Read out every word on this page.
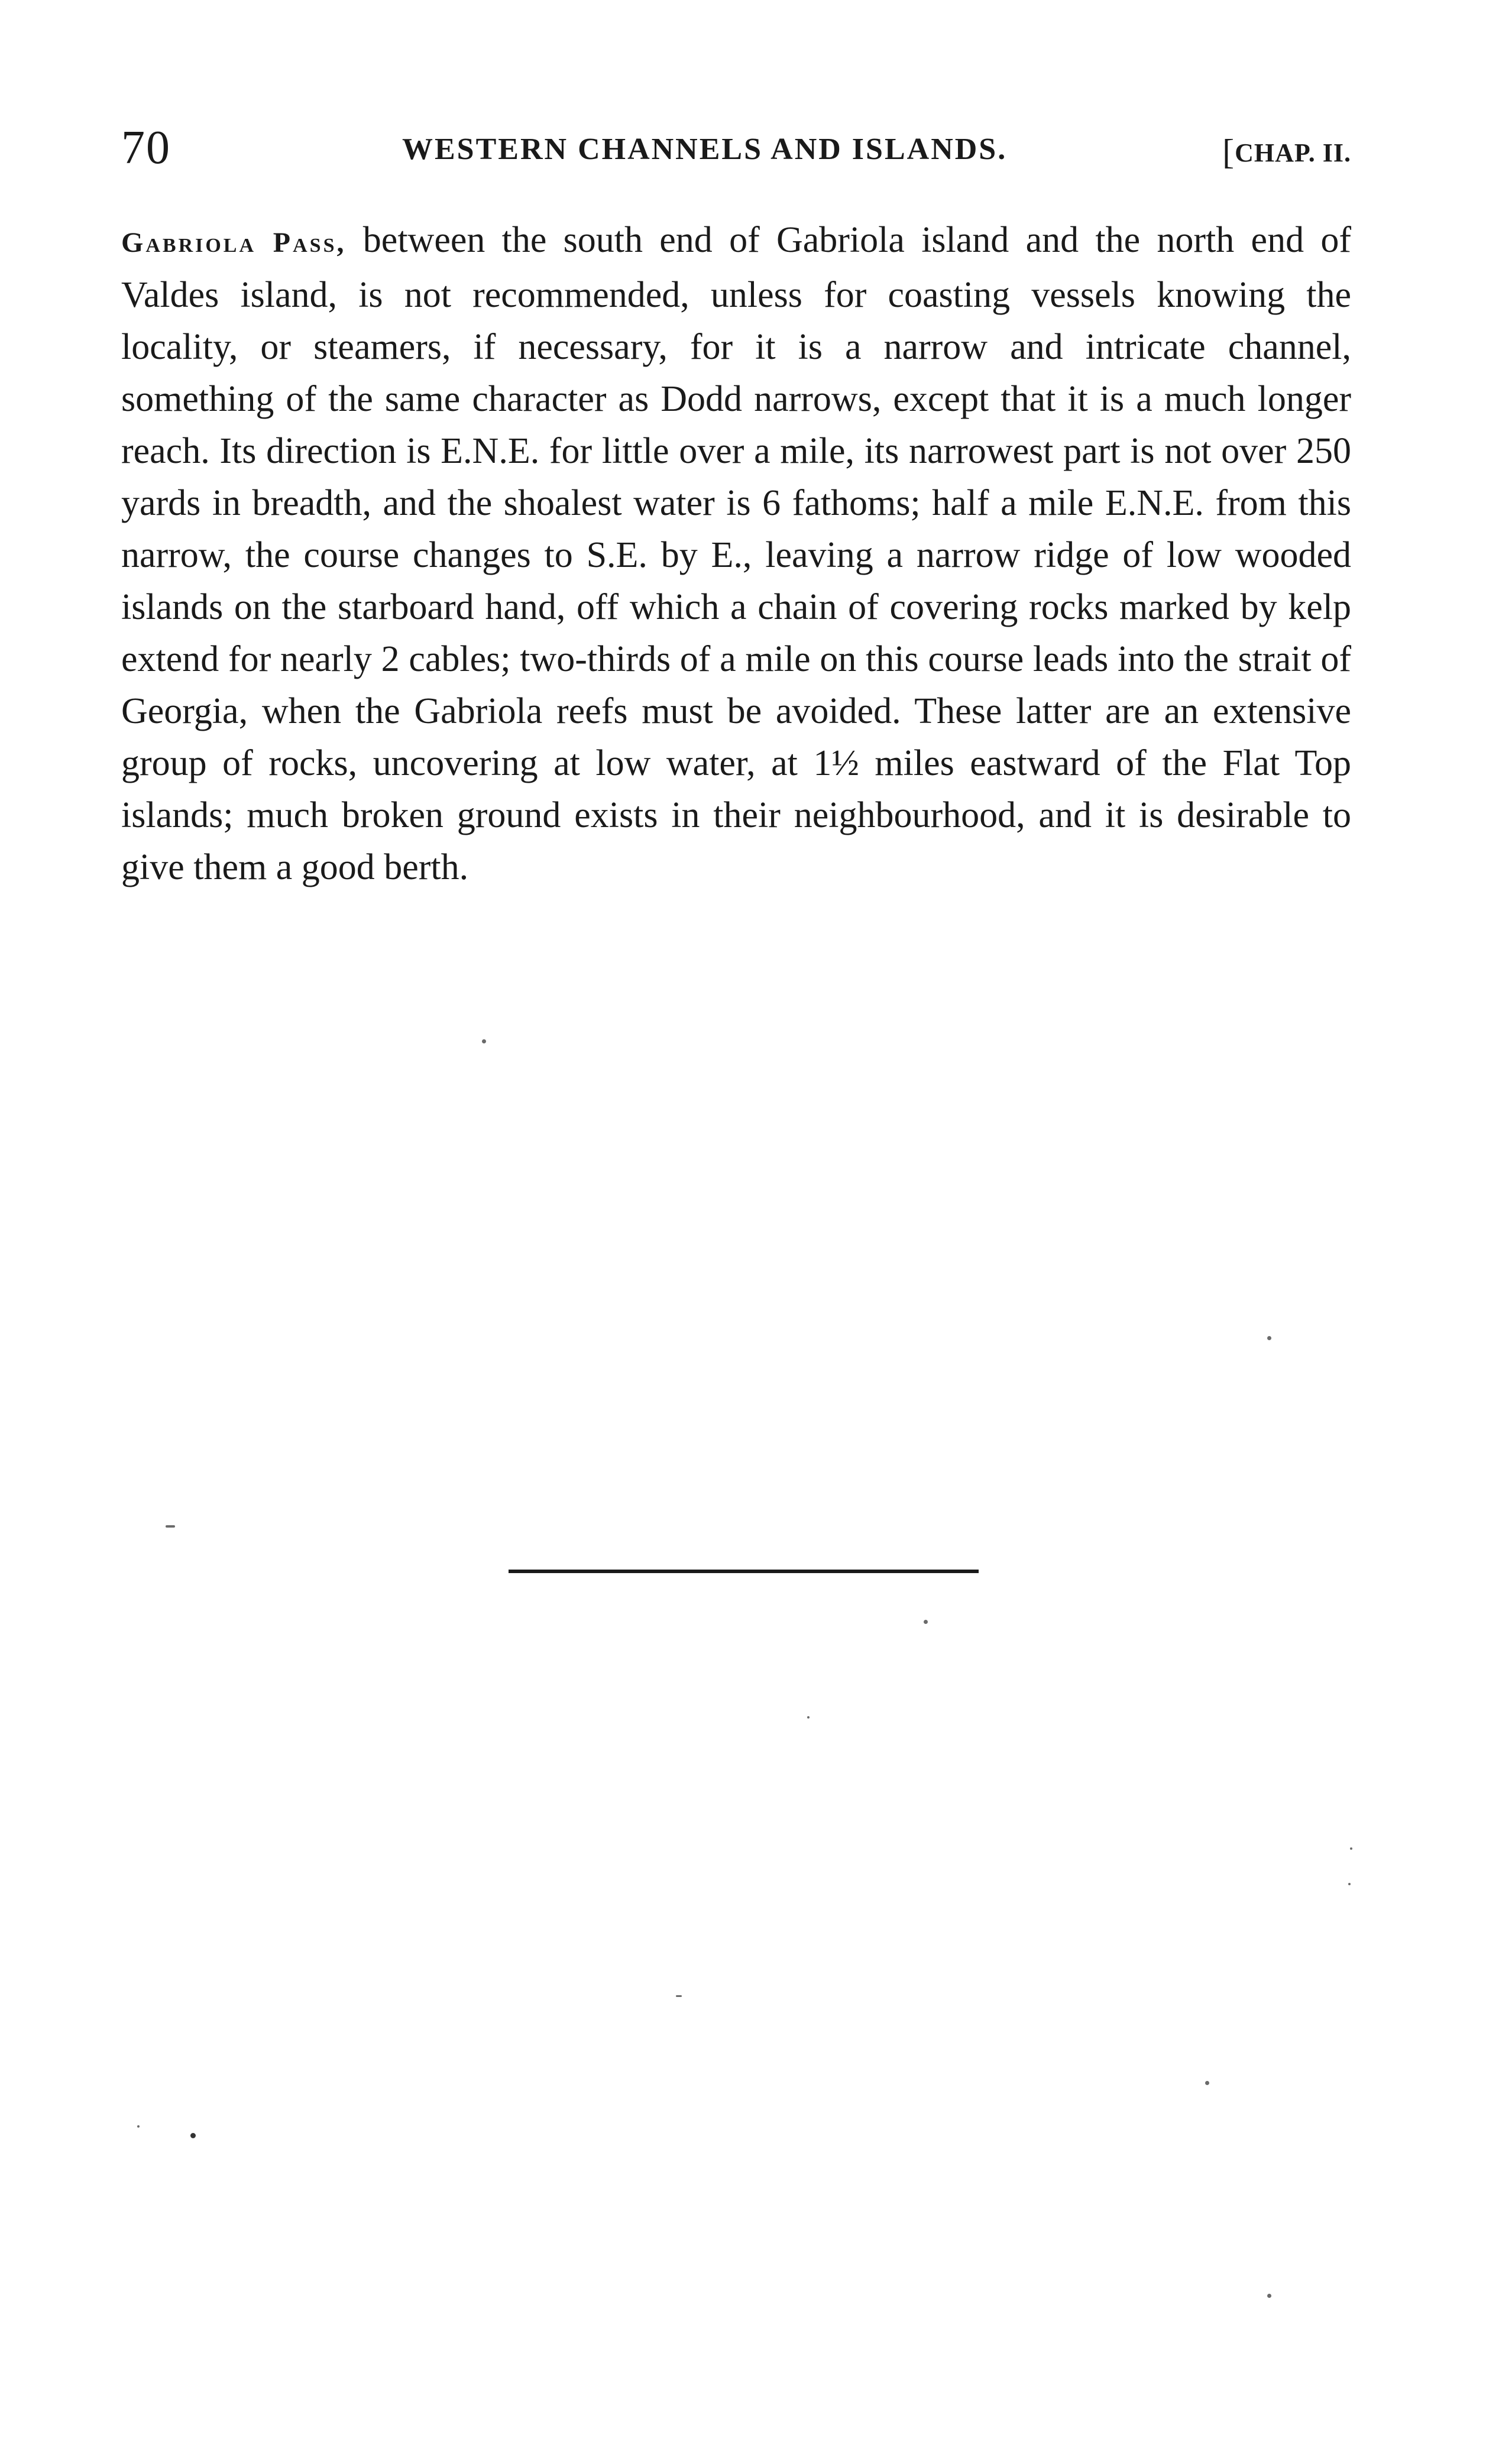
70	WESTERN CHANNELS AND ISLANDS.	[CHAP. II.

Gabriola Pass, between the south end of Gabriola island and the north end of Valdes island, is not recommended, unless for coasting vessels knowing the locality, or steamers, if necessary, for it is a narrow and intricate channel, something of the same character as Dodd narrows, except that it is a much longer reach. Its direction is E.N.E. for little over a mile, its narrowest part is not over 250 yards in breadth, and the shoalest water is 6 fathoms; half a mile E.N.E. from this narrow, the course changes to S.E. by E., leaving a narrow ridge of low wooded islands on the starboard hand, off which a chain of covering rocks marked by kelp extend for nearly 2 cables; two-thirds of a mile on this course leads into the strait of Georgia, when the Gabriola reefs must be avoided. These latter are an extensive group of rocks, uncovering at low water, at 1½ miles eastward of the Flat Top islands; much broken ground exists in their neighbourhood, and it is desirable to give them a good berth.
